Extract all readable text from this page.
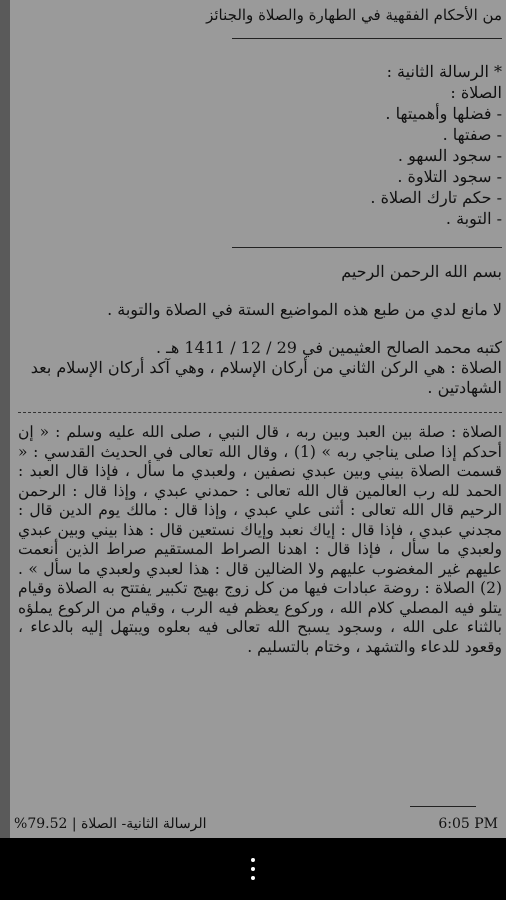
من الأحكام الفقهية في الطهارة والصلاة والجنائز

* الرسالة الثانية :

الصلاة :

- فضلها وأهميتها .

- صفتها .

- سجود السهو .

- سجود التلاوة .

- حكم تارك الصلاة .

- التوبة .

بسم الله الرحمن الرحيم

لا مانع لدي من طبع هذه المواضيع الستة في الصلاة والتوبة .

كتبه محمد الصالح العثيمين في 29 / 12 / 1411 هـ .

الصلاة : هي الركن الثاني من أركان الإسلام ، وهي آكد أركان الإسلام بعد الشهادتين .

الصلاة : صلة بين العبد وبين ربه ، قال النبي ، صلى الله عليه وسلم : « إن أحدكم إذا صلى يناجي ربه » (1) ، وقال الله تعالى في الحديث القدسي : « قسمت الصلاة بيني وبين عبدي نصفين ، ولعبدي ما سأل ، فإذا قال العبد : الحمد لله رب العالمين قال الله تعالى : حمدني عبدي ، وإذا قال : الرحمن الرحيم قال الله تعالى : أثنى علي عبدي ، وإذا قال : مالك يوم الدين قال : مجدني عبدي ، فإذا قال : إياك نعبد وإياك نستعين قال : هذا بيني وبين عبدي ولعبدي ما سأل ، فإذا قال : اهدنا الصراط المستقيم صراط الذين أنعمت عليهم غير المغضوب عليهم ولا الضالين قال : هذا لعبدي ولعبدي ما سأل » . (2) الصلاة : روضة عبادات فيها من كل زوج بهيج تكبير يفتتح به الصلاة وقيام يتلو فيه المصلي كلام الله ، وركوع يعظم فيه الرب ، وقيام من الركوع يملؤه بالثناء على الله ، وسجود يسبح الله تعالى فيه بعلوه ويبتهل إليه بالدعاء ، وقعود للدعاء والتشهد ، وختام بالتسليم .

6:05 PM
الرسالة الثانية- الصلاة | 79.52%
